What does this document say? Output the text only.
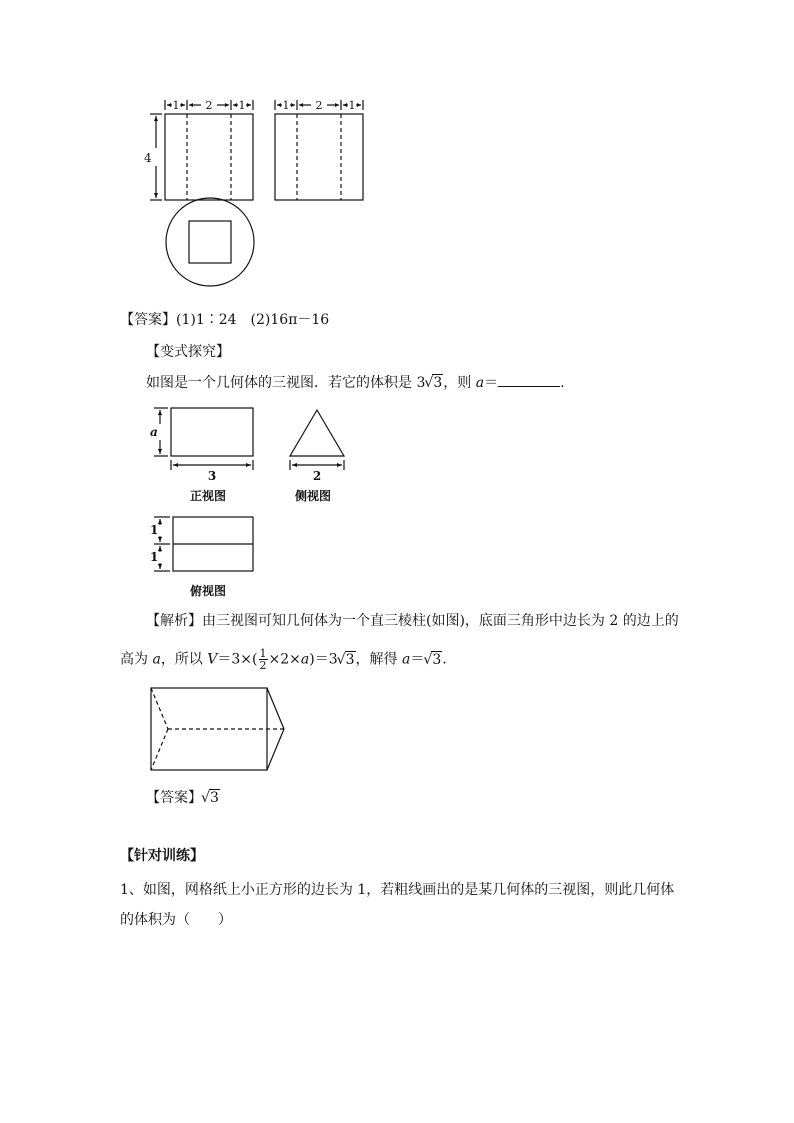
1 2 1	1 2 1
4
【答案】(1)1∶24　(2)16π－16
【变式探究】
如图是一个几何体的三视图．若它的体积是 3√ 3，则 a＝	.
a
3	2
正视图	侧视图
1
1
俯视图
【解析】由三视图可知几何体为一个直三棱柱(如图)，底面三角形中边长为 2 的边上的
高为 a，所以 $V=3\times( \frac{1}{2} \times 2\times a)=3√$ 3，解得 a＝√ 3.
【答案】√ 3
【针对训练】
1、如图，网格纸上小正方形的边长为 1，若粗线画出的是某几何体的三视图，则此几何体
的体积为（　　）
